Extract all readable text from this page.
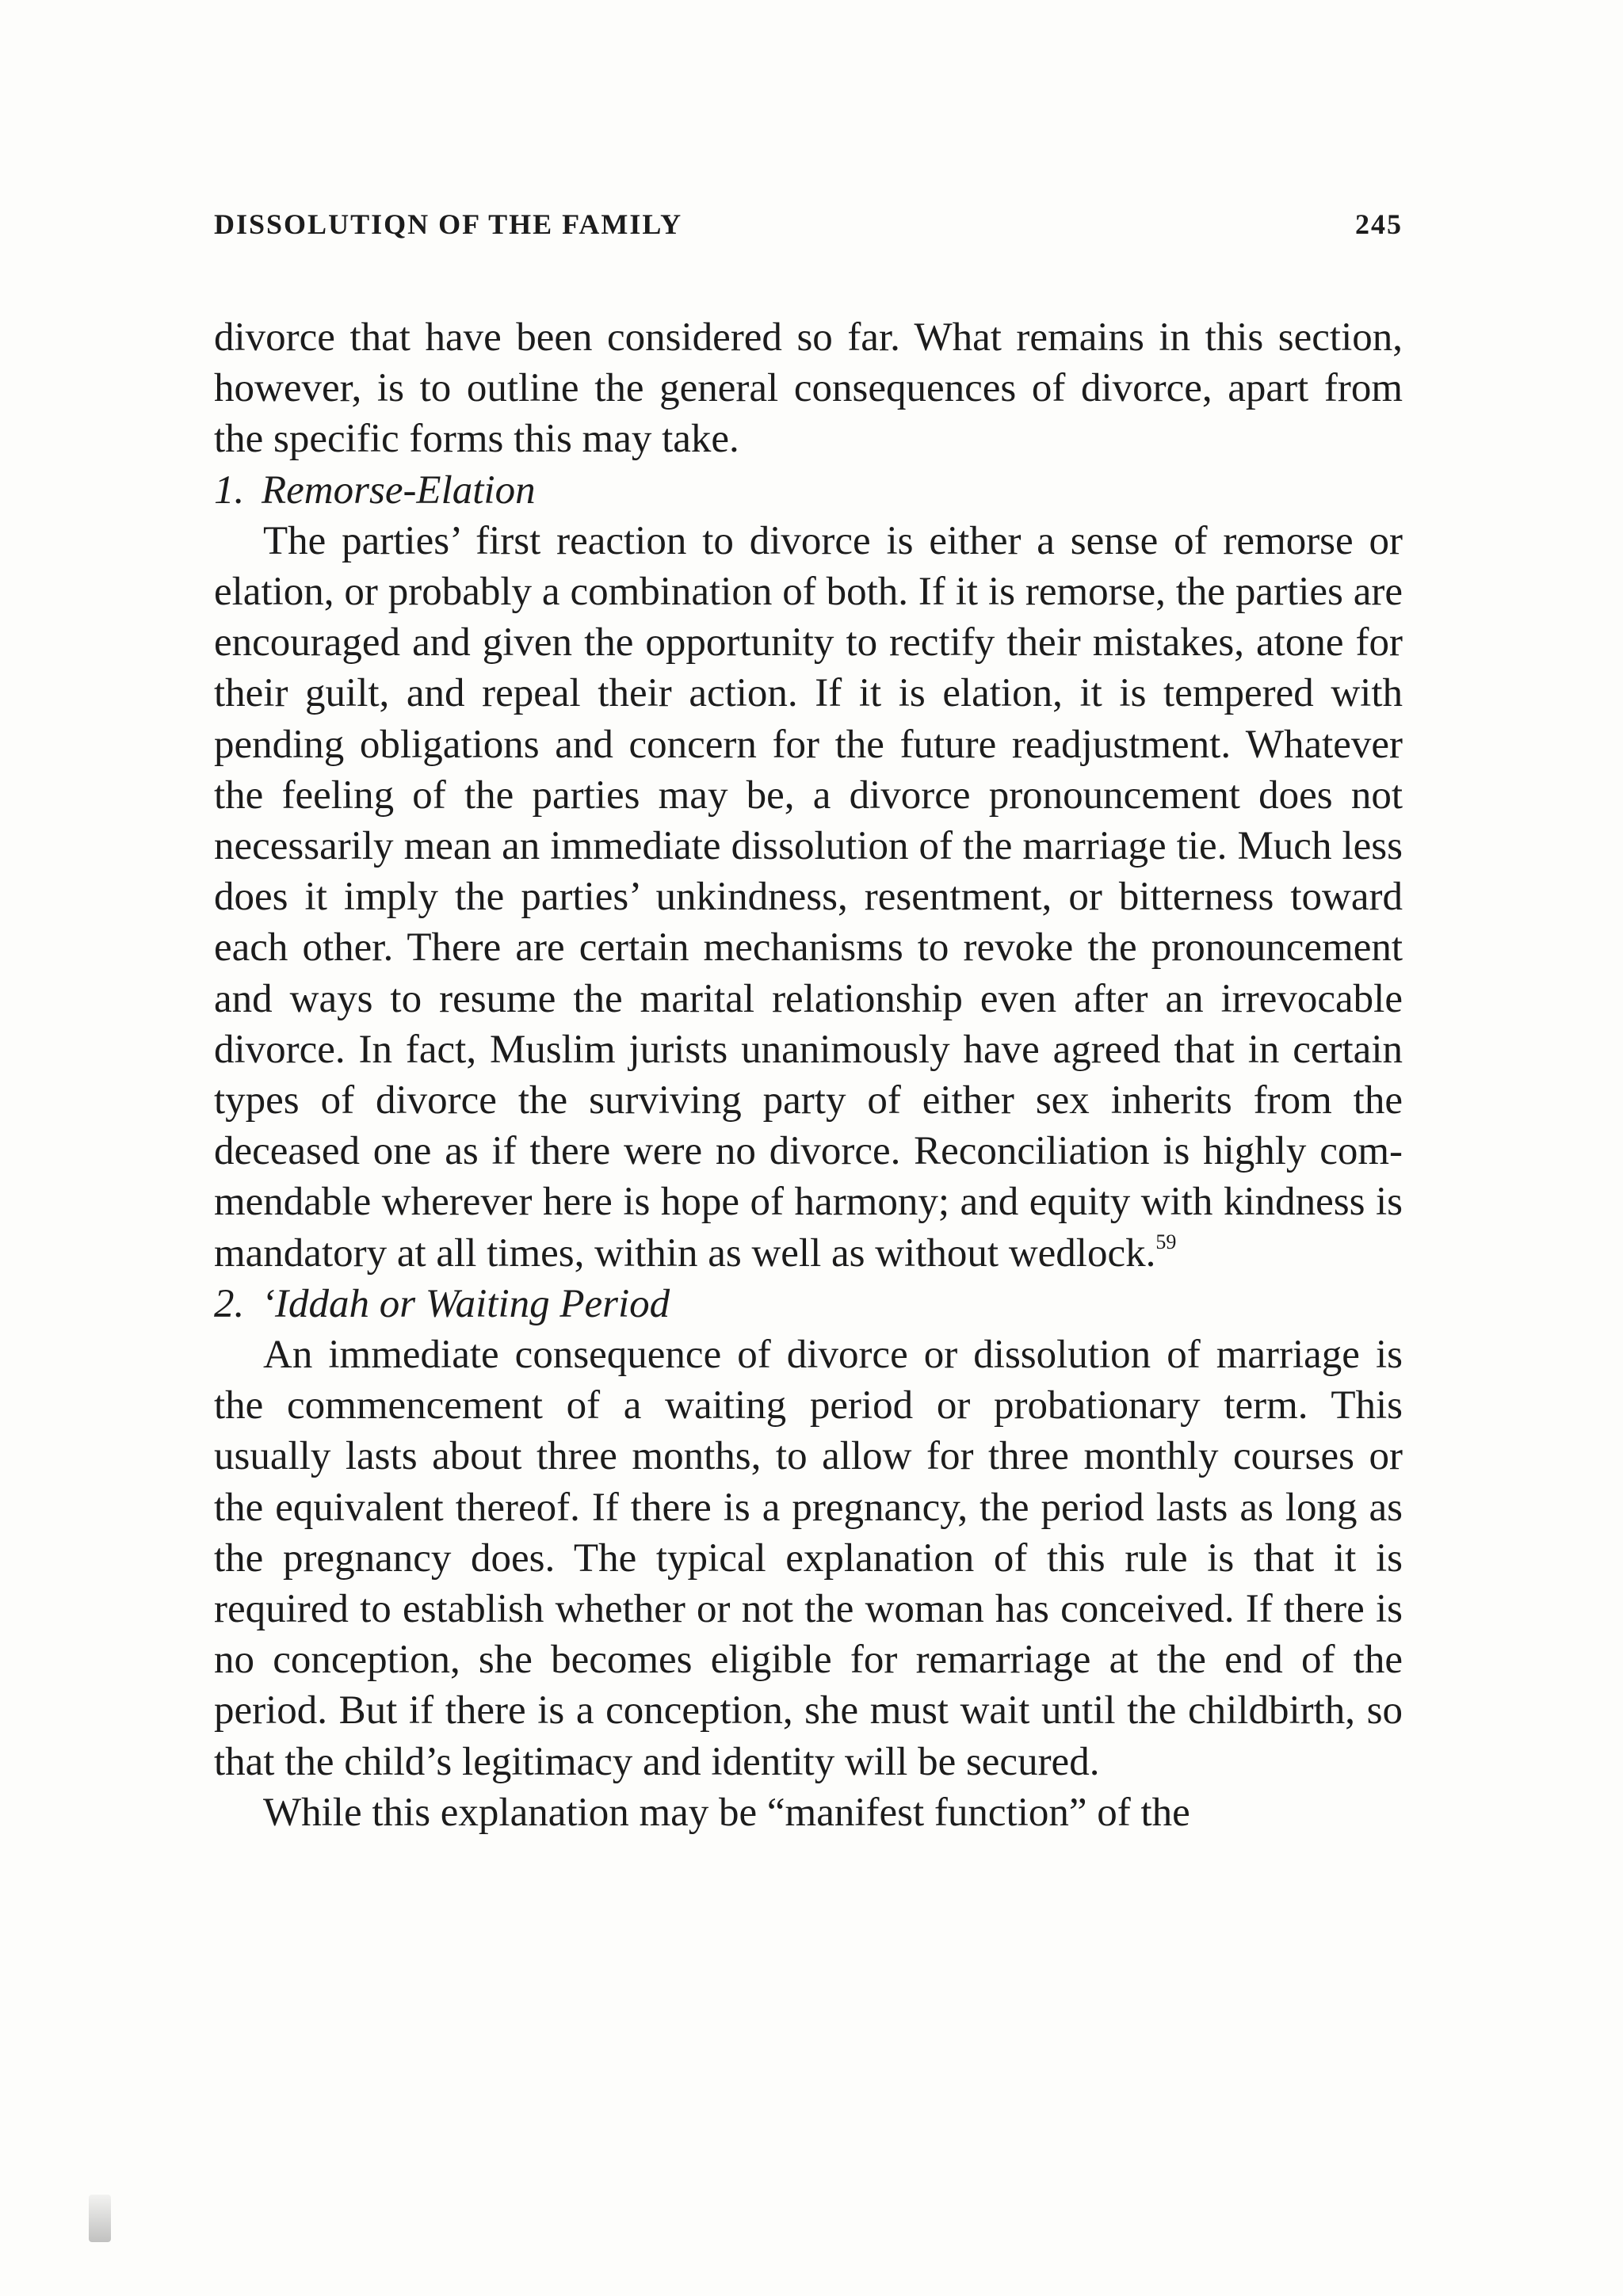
DISSOLUTIQN OF THE FAMILY	245

divorce that have been considered so far. What remains in this section, however, is to outline the general consequences of divorce, apart from the specific forms this may take.

1. Remorse-Elation

The parties’ first reaction to divorce is either a sense of remorse or elation, or probably a combination of both. If it is remorse, the parties are encouraged and given the opportunity to rectify their mistakes, atone for their guilt, and repeal their action. If it is elation, it is tempered with pending obligations and concern for the future readjustment. Whatever the feeling of the parties may be, a divorce pronouncement does not necessarily mean an immediate dissolution of the marriage tie. Much less does it imply the parties’ unkindness, resentment, or bitterness toward each other. There are certain mechanisms to revoke the pronouncement and ways to resume the marital relationship even after an irrevocable divorce. In fact, Muslim jurists unanimously have agreed that in certain types of divorce the surviving party of either sex inherits from the deceased one as if there were no divorce. Reconciliation is highly commendable wherever here is hope of harmony; and equity with kindness is mandatory at all times, within as well as without wedlock.$^{59}$

2. ‘Iddah or Waiting Period

An immediate consequence of divorce or dissolution of marriage is the commencement of a waiting period or probationary term. This usually lasts about three months, to allow for three monthly courses or the equivalent thereof. If there is a pregnancy, the period lasts as long as the pregnancy does. The typical explanation of this rule is that it is required to establish whether or not the woman has conceived. If there is no conception, she becomes eligible for remarriage at the end of the period. But if there is a conception, she must wait until the childbirth, so that the child’s legitimacy and identity will be secured.

While this explanation may be “manifest function” of the
